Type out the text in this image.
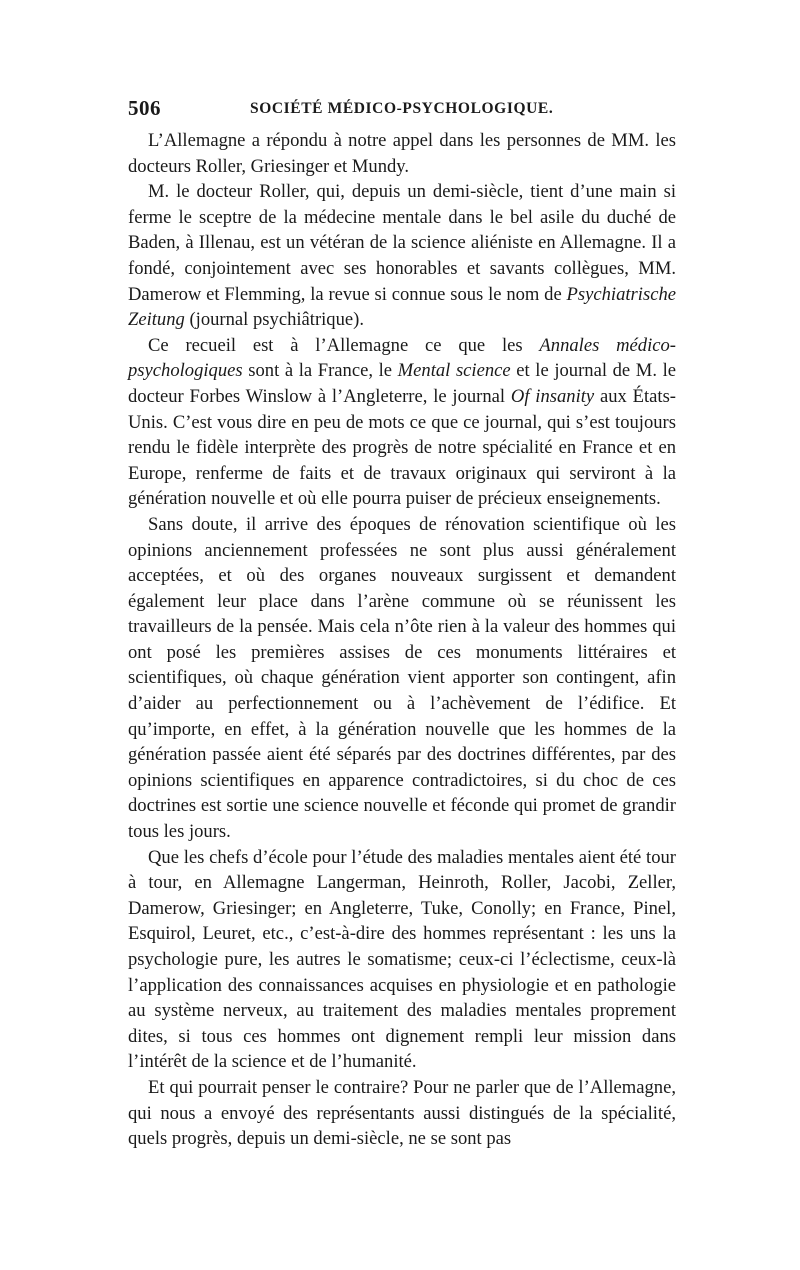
506	SOCIÉTÉ MÉDICO-PSYCHOLOGIQUE.

L’Allemagne a répondu à notre appel dans les personnes de MM. les docteurs Roller, Griesinger et Mundy.

M. le docteur Roller, qui, depuis un demi-siècle, tient d’une main si ferme le sceptre de la médecine mentale dans le bel asile du duché de Baden, à Illenau, est un vétéran de la science aliéniste en Allemagne. Il a fondé, conjointement avec ses honorables et savants collègues, MM. Damerow et Flemming, la revue si connue sous le nom de Psychiatrische Zeitung (journal psychiâtrique).

Ce recueil est à l’Allemagne ce que les Annales médico-psychologiques sont à la France, le Mental science et le journal de M. le docteur Forbes Winslow à l’Angleterre, le journal Of insanity aux États-Unis. C’est vous dire en peu de mots ce que ce journal, qui s’est toujours rendu le fidèle interprète des progrès de notre spécialité en France et en Europe, renferme de faits et de travaux originaux qui serviront à la génération nouvelle et où elle pourra puiser de précieux enseignements.

Sans doute, il arrive des époques de rénovation scientifique où les opinions anciennement professées ne sont plus aussi généralement acceptées, et où des organes nouveaux surgissent et demandent également leur place dans l’arène commune où se réunissent les travailleurs de la pensée. Mais cela n’ôte rien à la valeur des hommes qui ont posé les premières assises de ces monuments littéraires et scientifiques, où chaque génération vient apporter son contingent, afin d’aider au perfectionnement ou à l’achèvement de l’édifice. Et qu’importe, en effet, à la génération nouvelle que les hommes de la génération passée aient été séparés par des doctrines différentes, par des opinions scientifiques en apparence contradictoires, si du choc de ces doctrines est sortie une science nouvelle et féconde qui promet de grandir tous les jours.

Que les chefs d’école pour l’étude des maladies mentales aient été tour à tour, en Allemagne Langerman, Heinroth, Roller, Jacobi, Zeller, Damerow, Griesinger; en Angleterre, Tuke, Conolly; en France, Pinel, Esquirol, Leuret, etc., c’est-à-dire des hommes représentant : les uns la psychologie pure, les autres le somatisme; ceux-ci l’éclectisme, ceux-là l’application des connaissances acquises en physiologie et en pathologie au système nerveux, au traitement des maladies mentales proprement dites, si tous ces hommes ont dignement rempli leur mission dans l’intérêt de la science et de l’humanité.

Et qui pourrait penser le contraire? Pour ne parler que de l’Allemagne, qui nous a envoyé des représentants aussi distingués de la spécialité, quels progrès, depuis un demi-siècle, ne se sont pas
